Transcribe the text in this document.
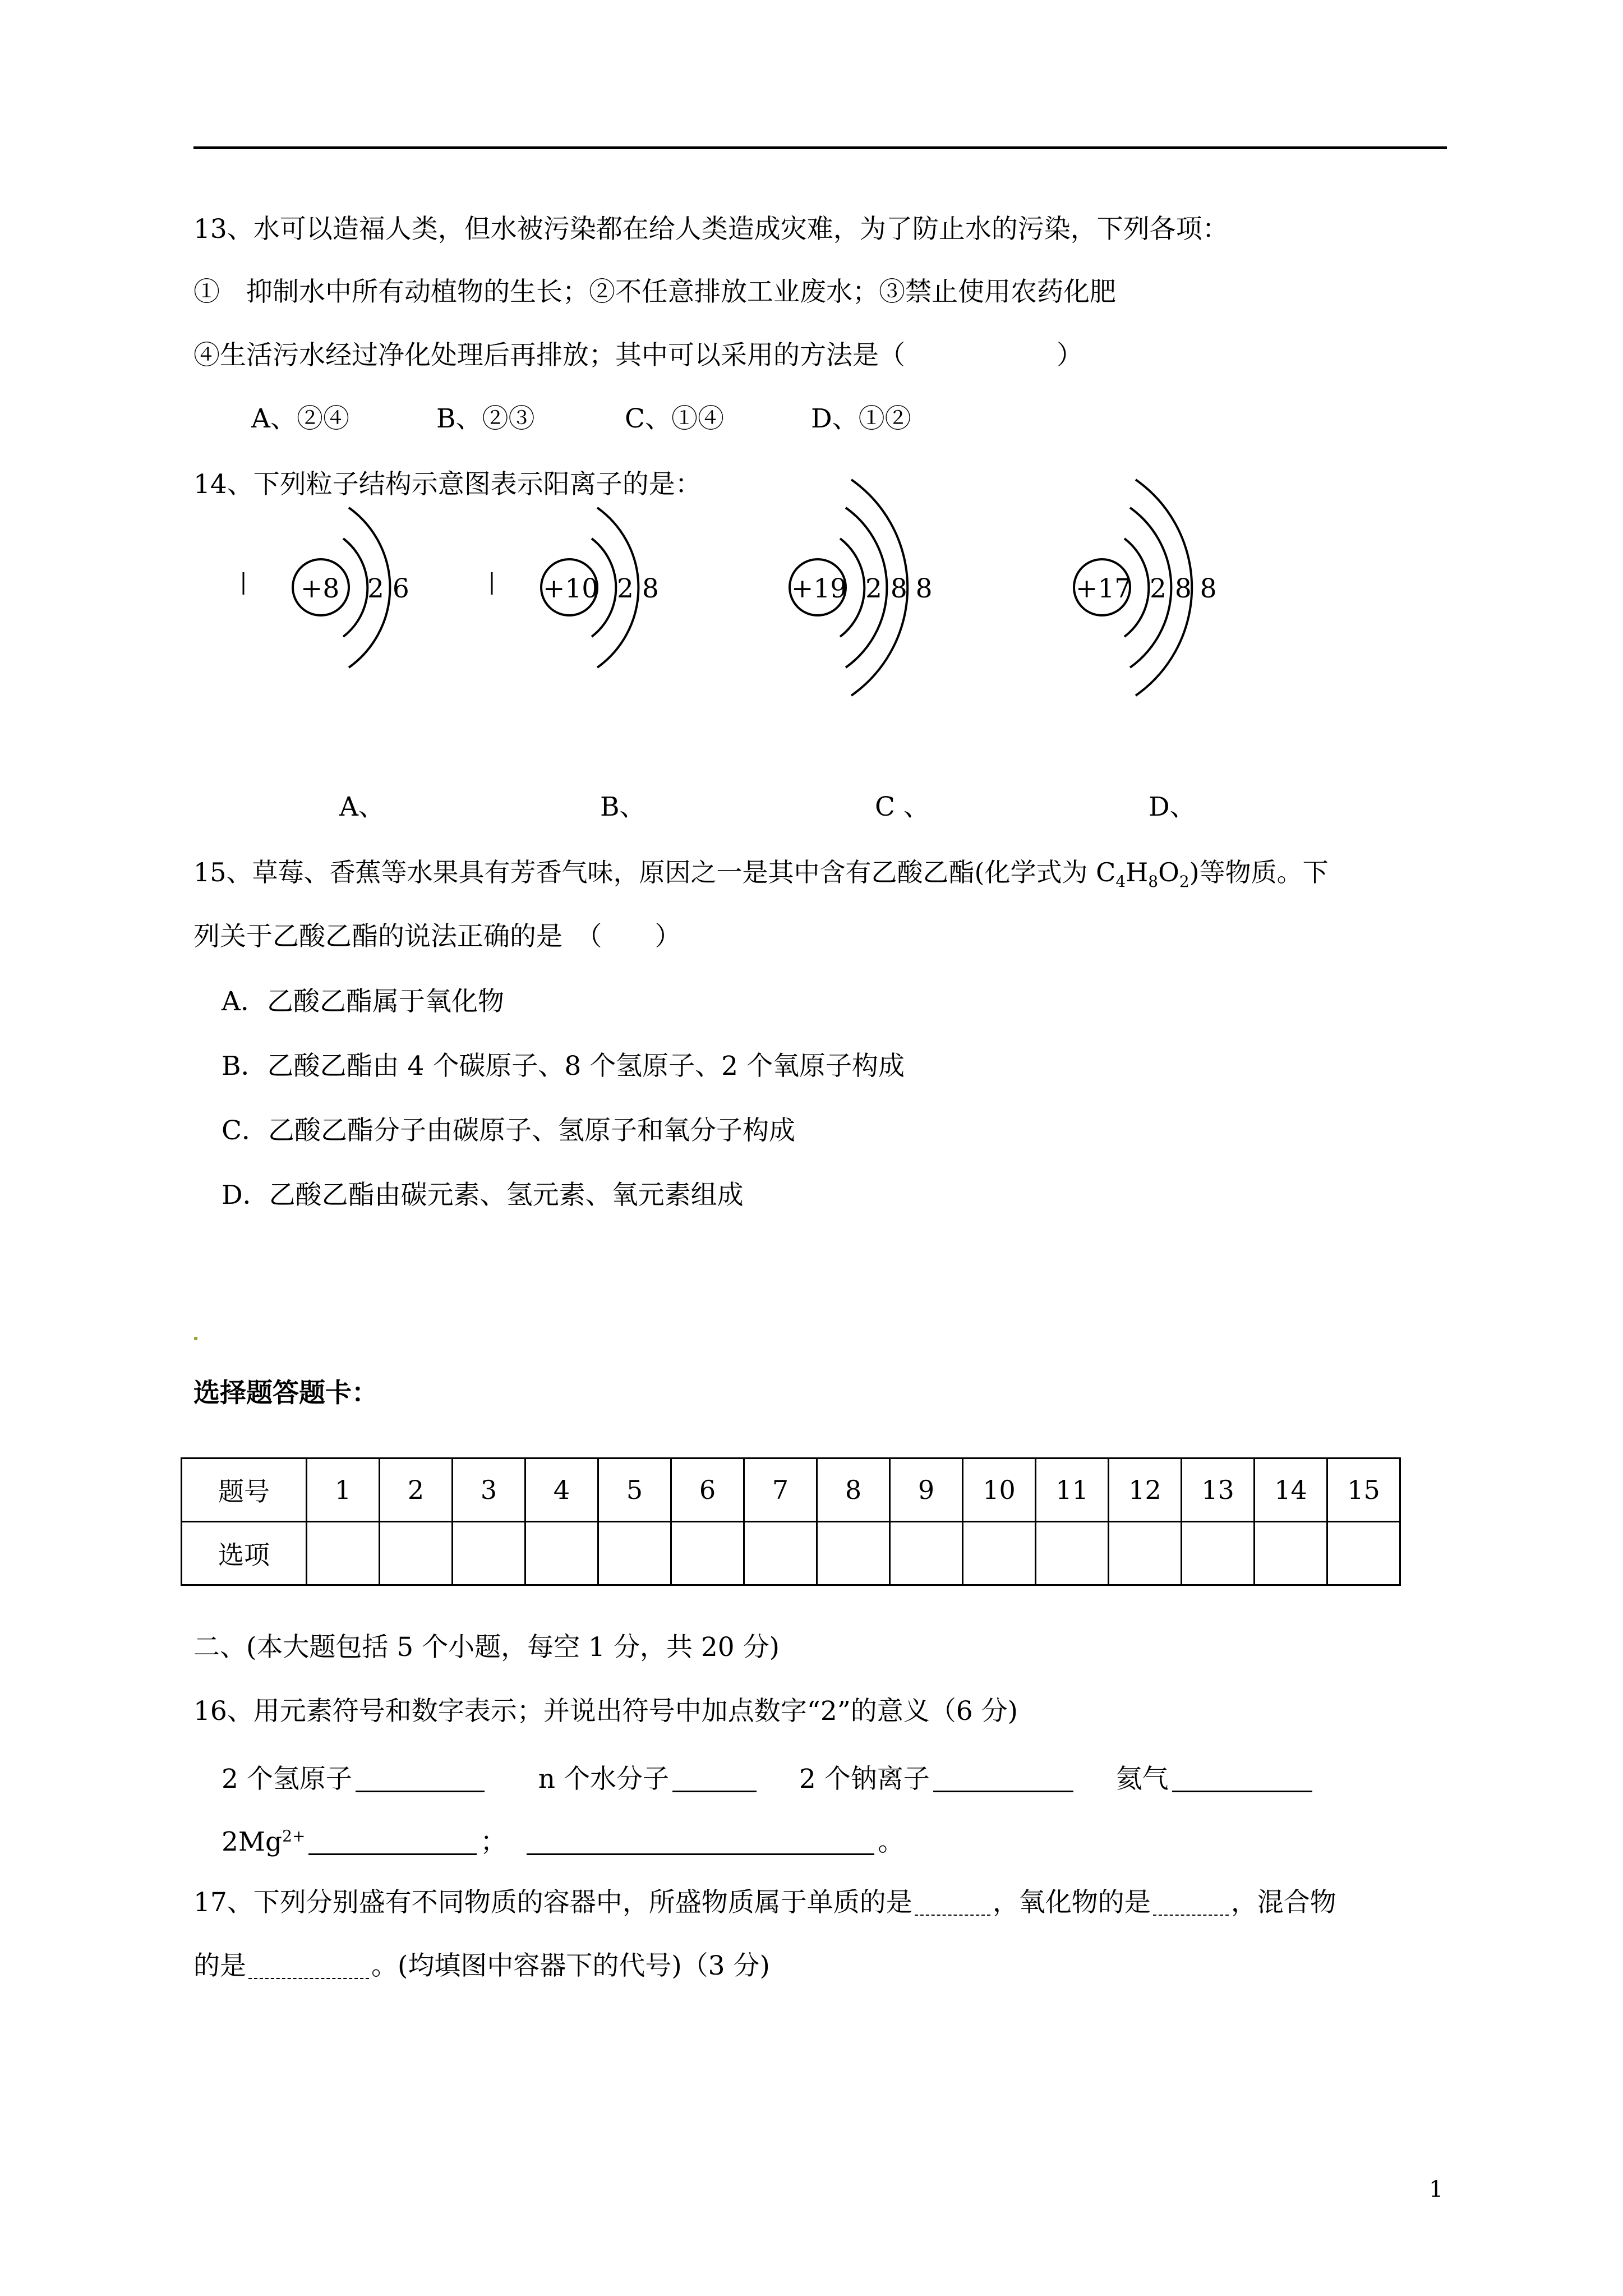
13、水可以造福人类，但水被污染都在给人类造成灾难，为了防止水的污染，下列各项：
①　抑制水中所有动植物的生长；②不任意排放工业废水；③禁止使用农药化肥
④生活污水经过净化处理后再排放；其中可以采用的方法是（	）
A、②④	B、②③	C、①④	D、①②
14、下列粒子结构示意图表示阳离子的是：
+8 2 6	+10 2 8	+19 2 8 8	+17 2 8 8
A、	B、	C 、	D、
15、草莓、香蕉等水果具有芳香气味，原因之一是其中含有乙酸乙酯(化学式为 $C_4H_8O_2$)等物质。下
列关于乙酸乙酯的说法正确的是　（　　）
A．乙酸乙酯属于氧化物
B．乙酸乙酯由 4 个碳原子、8 个氢原子、2 个氧原子构成
C．乙酸乙酯分子由碳原子、氢原子和氧分子构成
D．乙酸乙酯由碳元素、氢元素、氧元素组成
选择题答题卡：
题号	1	2	3	4	5	6	7	8	9	10	11	12	13	14	15
选项															
二、(本大题包括 5 个小题，每空 1 分，共 20 分)
16、用元素符号和数字表示；并说出符号中加点数字“2”的意义（6 分)
2 个氢原子	n 个水分子	2 个钠离子	氦气
$2Mg^{2+}$	；	。
17、下列分别盛有不同物质的容器中，所盛物质属于单质的是	，氧化物的是	，混合物
的是	。(均填图中容器下的代号)（3 分)
1
